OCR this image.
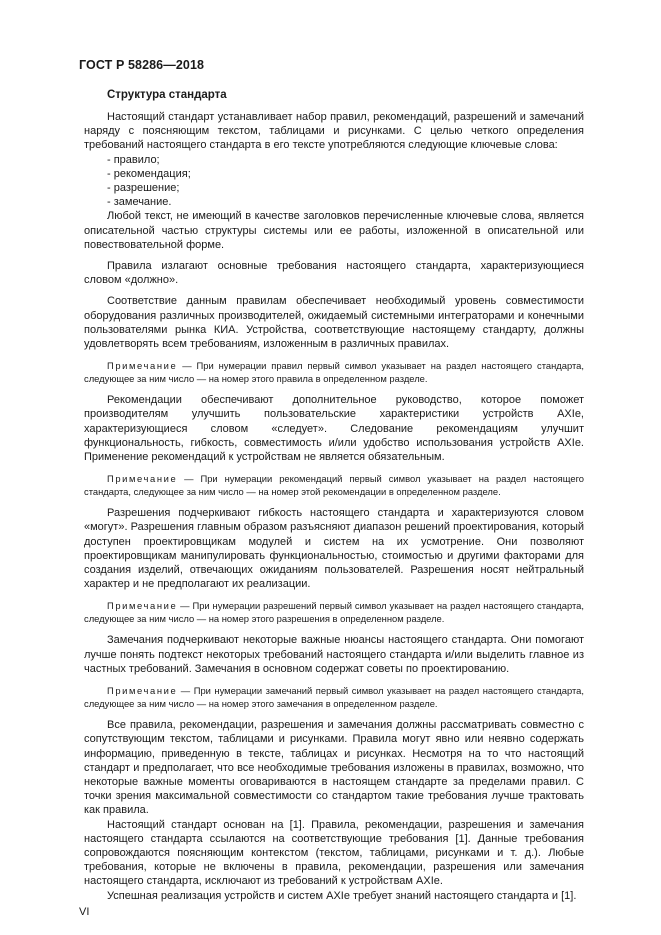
ГОСТ Р 58286—2018
Структура стандарта

Настоящий стандарт устанавливает набор правил, рекомендаций, разрешений и замечаний наряду с поясняющим текстом, таблицами и рисунками. С целью четкого определения требований настоящего стандарта в его тексте употребляются следующие ключевые слова:

- правило;
- рекомендация;
- разрешение;
- замечание.

Любой текст, не имеющий в качестве заголовков перечисленные ключевые слова, является описательной частью структуры системы или ее работы, изложенной в описательной или повествовательной форме.

Правила излагают основные требования настоящего стандарта, характеризующиеся словом «должно».

Соответствие данным правилам обеспечивает необходимый уровень совместимости оборудования различных производителей, ожидаемый системными интеграторами и конечными пользователями рынка КИА. Устройства, соответствующие настоящему стандарту, должны удовлетворять всем требованиям, изложенным в различных правилах.

Примечание — При нумерации правил первый символ указывает на раздел настоящего стандарта, следующее за ним число — на номер этого правила в определенном разделе.

Рекомендации обеспечивают дополнительное руководство, которое поможет производителям улучшить пользовательские характеристики устройств AXIe, характеризующиеся словом «следует». Следование рекомендациям улучшит функциональность, гибкость, совместимость и/или удобство использования устройств AXIe. Применение рекомендаций к устройствам не является обязательным.

Примечание — При нумерации рекомендаций первый символ указывает на раздел настоящего стандарта, следующее за ним число — на номер этой рекомендации в определенном разделе.

Разрешения подчеркивают гибкость настоящего стандарта и характеризуются словом «могут». Разрешения главным образом разъясняют диапазон решений проектирования, который доступен проектировщикам модулей и систем на их усмотрение. Они позволяют проектировщикам манипулировать функциональностью, стоимостью и другими факторами для создания изделий, отвечающих ожиданиям пользователей. Разрешения носят нейтральный характер и не предполагают их реализации.

Примечание — При нумерации разрешений первый символ указывает на раздел настоящего стандарта, следующее за ним число — на номер этого разрешения в определенном разделе.

Замечания подчеркивают некоторые важные нюансы настоящего стандарта. Они помогают лучше понять подтекст некоторых требований настоящего стандарта и/или выделить главное из частных требований. Замечания в основном содержат советы по проектированию.

Примечание — При нумерации замечаний первый символ указывает на раздел настоящего стандарта, следующее за ним число — на номер этого замечания в определенном разделе.

Все правила, рекомендации, разрешения и замечания должны рассматривать совместно с сопутствующим текстом, таблицами и рисунками. Правила могут явно или неявно содержать информацию, приведенную в тексте, таблицах и рисунках. Несмотря на то что настоящий стандарт и предполагает, что все необходимые требования изложены в правилах, возможно, что некоторые важные моменты оговариваются в настоящем стандарте за пределами правил. С точки зрения максимальной совместимости со стандартом такие требования лучше трактовать как правила.

Настоящий стандарт основан на [1]. Правила, рекомендации, разрешения и замечания настоящего стандарта ссылаются на соответствующие требования [1]. Данные требования сопровождаются поясняющим контекстом (текстом, таблицами, рисунками и т. д.). Любые требования, которые не включены в правила, рекомендации, разрешения или замечания настоящего стандарта, исключают из требований к устройствам AXIe.

Успешная реализация устройств и систем AXIe требует знаний настоящего стандарта и [1].

VI
